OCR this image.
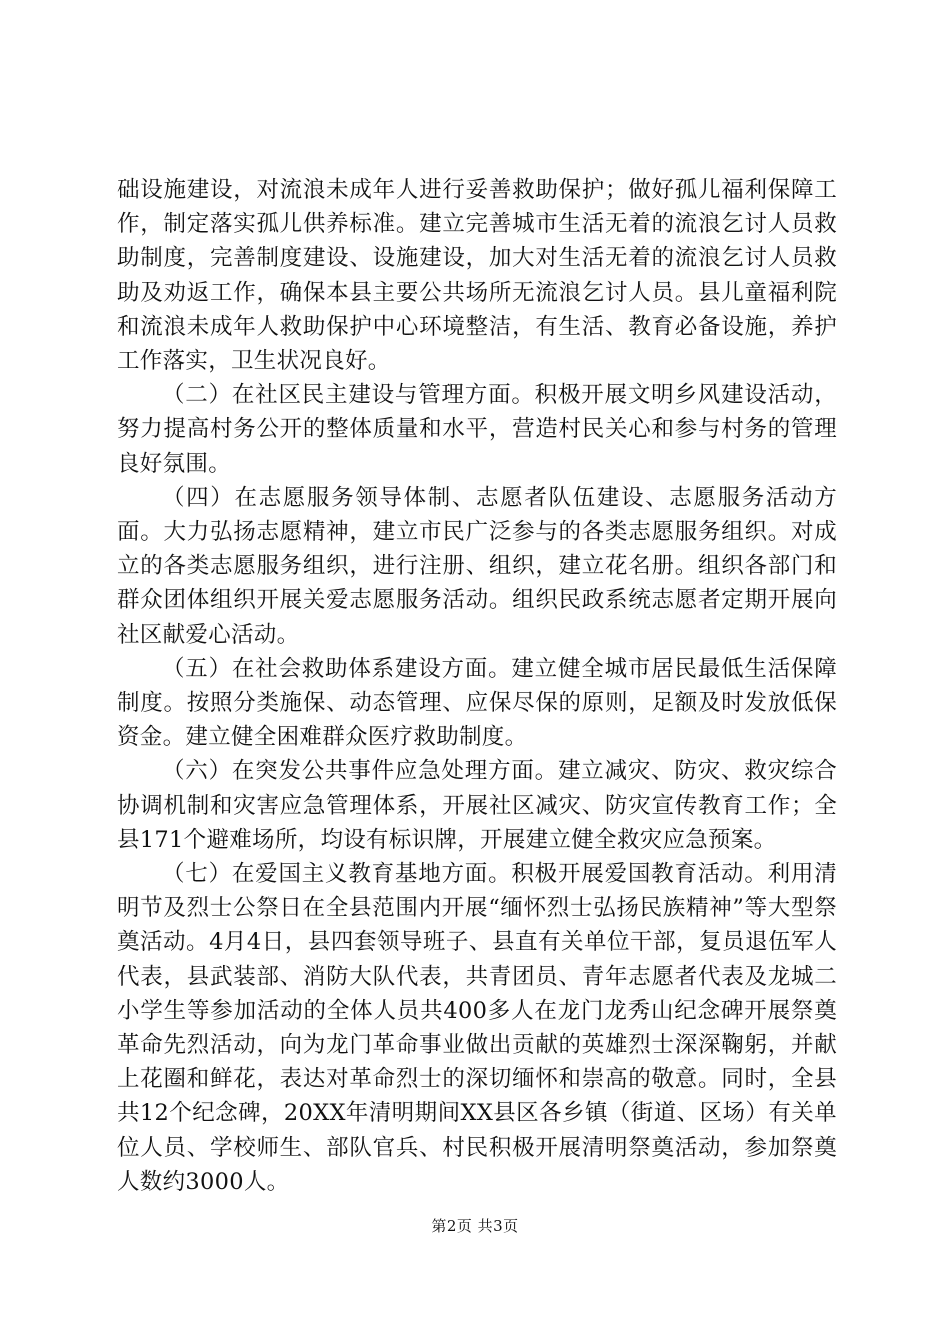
础设施建设，对流浪未成年人进行妥善救助保护；做好孤儿福利保障工作，制定落实孤儿供养标准。建立完善城市生活无着的流浪乞讨人员救助制度，完善制度建设、设施建设，加大对生活无着的流浪乞讨人员救助及劝返工作，确保本县主要公共场所无流浪乞讨人员。县儿童福利院和流浪未成年人救助保护中心环境整洁，有生活、教育必备设施，养护工作落实，卫生状况良好。

（二）在社区民主建设与管理方面。积极开展文明乡风建设活动，努力提高村务公开的整体质量和水平，营造村民关心和参与村务的管理良好氛围。

（四）在志愿服务领导体制、志愿者队伍建设、志愿服务活动方面。大力弘扬志愿精神，建立市民广泛参与的各类志愿服务组织。对成立的各类志愿服务组织，进行注册、组织，建立花名册。组织各部门和群众团体组织开展关爱志愿服务活动。组织民政系统志愿者定期开展向社区献爱心活动。

（五）在社会救助体系建设方面。建立健全城市居民最低生活保障制度。按照分类施保、动态管理、应保尽保的原则，足额及时发放低保资金。建立健全困难群众医疗救助制度。

（六）在突发公共事件应急处理方面。建立减灾、防灾、救灾综合协调机制和灾害应急管理体系，开展社区减灾、防灾宣传教育工作；全县171个避难场所，均设有标识牌，开展建立健全救灾应急预案。

（七）在爱国主义教育基地方面。积极开展爱国教育活动。利用清明节及烈士公祭日在全县范围内开展“缅怀烈士弘扬民族精神”等大型祭奠活动。4月4日，县四套领导班子、县直有关单位干部，复员退伍军人代表，县武装部、消防大队代表，共青团员、青年志愿者代表及龙城二小学生等参加活动的全体人员共400多人在龙门龙秀山纪念碑开展祭奠革命先烈活动，向为龙门革命事业做出贡献的英雄烈士深深鞠躬，并献上花圈和鲜花，表达对革命烈士的深切缅怀和崇高的敬意。同时，全县共12个纪念碑，20XX年清明期间XX县区各乡镇（街道、区场）有关单位人员、学校师生、部队官兵、村民积极开展清明祭奠活动，参加祭奠人数约3000人。

第2页 共3页
